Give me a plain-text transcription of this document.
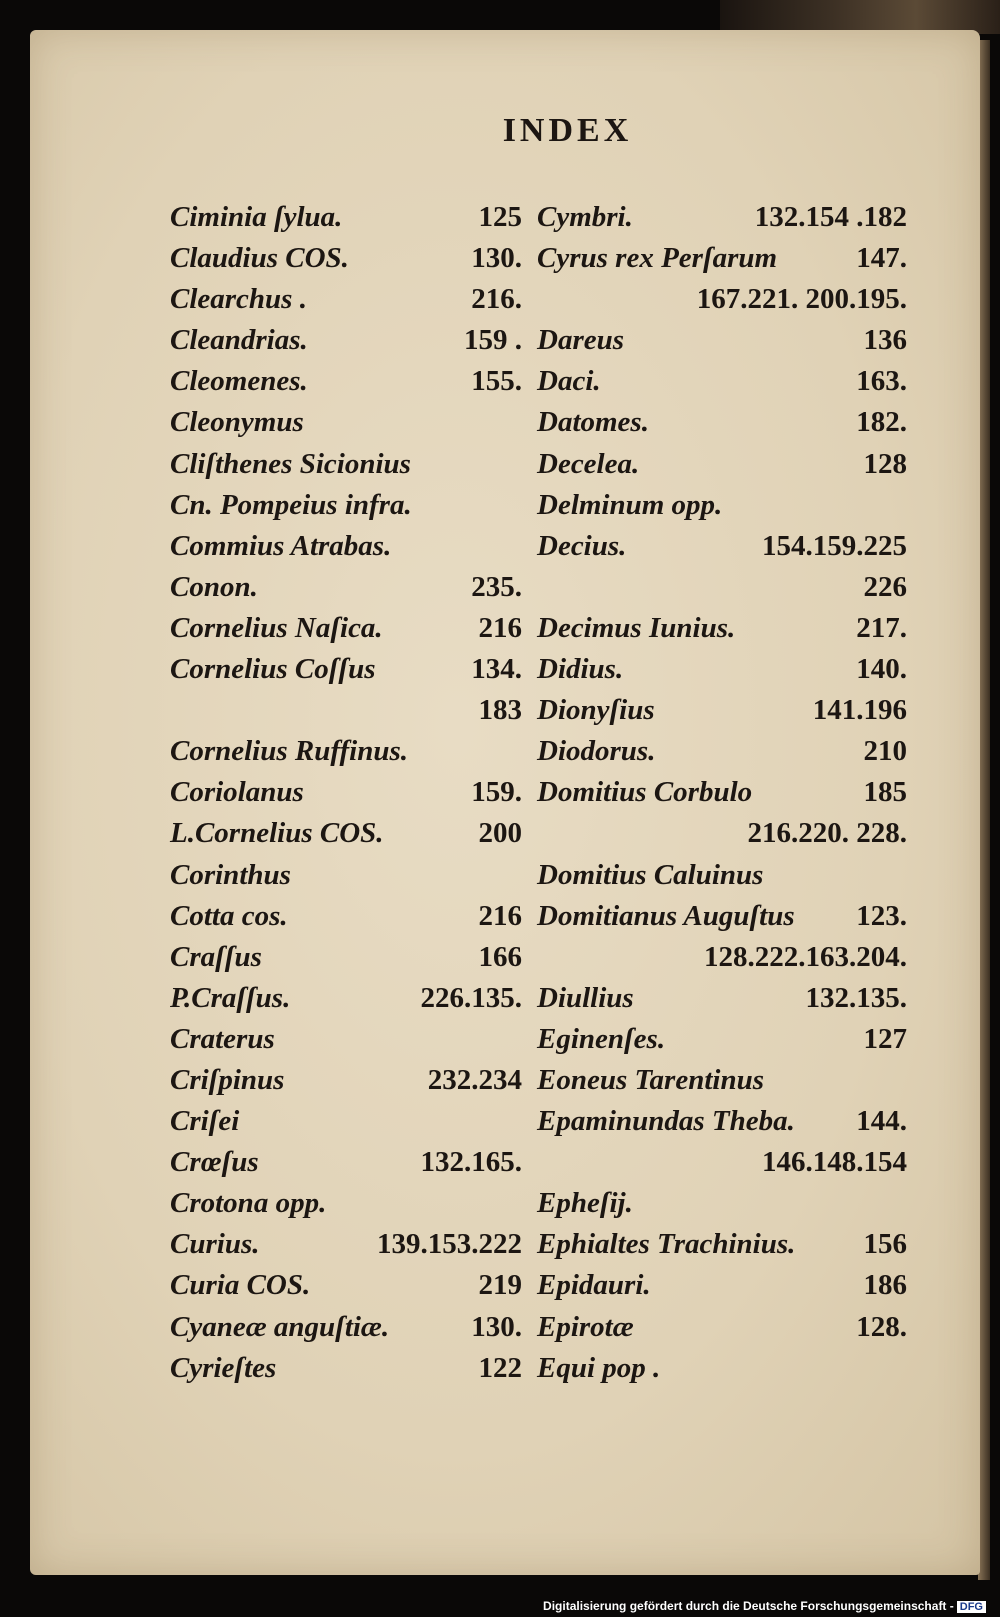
INDEX
Ciminia ſylua.	125
Claudius COS.	130.
Clearchus .	216.
Cleandrias.	159 .
Cleomenes.	155.
Cleonymus
Cliſthenes Sicionius
Cn. Pompeius infra.
Commius Atrabas.
Conon.	235.
Cornelius Naſica.	216
Cornelius Coſſus	134.
183
Cornelius Ruffinus.
Coriolanus	159.
L.Cornelius COS.	200
Corinthus
Cotta cos.	216
Craſſus	166
P.Craſſus.	226.135.
Craterus
Criſpinus	232.234
Criſei
Crœſus	132.165.
Crotona opp.
Curius.	139.153.222
Curia COS.	219
Cyaneæ anguſtiæ.	130.
Cyrieſtes	122
Cymbri.	132.154 .182
Cyrus rex Perſarum	147.
167.221. 200.195.
Dareus	136
Daci.	163.
Datomes.	182.
Decelea.	128
Delminum opp.
Decius.	154.159.225
226
Decimus Iunius.	217.
Didius.	140.
Dionyſius	141.196
Diodorus.	210
Domitius Corbulo	185
216.220. 228.
Domitius Caluinus
Domitianus Auguſtus 123.
128.222.163.204.
Diullius	132.135.
Eginenſes.	127
Eoneus Tarentinus
Epaminundas Theba. 144.
146.148.154
Epheſij.
Ephialtes Trachinius. 156
Epidauri.	186
Epirotæ	128.
Equi pop .
Digitalisierung gefördert durch die Deutsche Forschungsgemeinschaft - DFG
